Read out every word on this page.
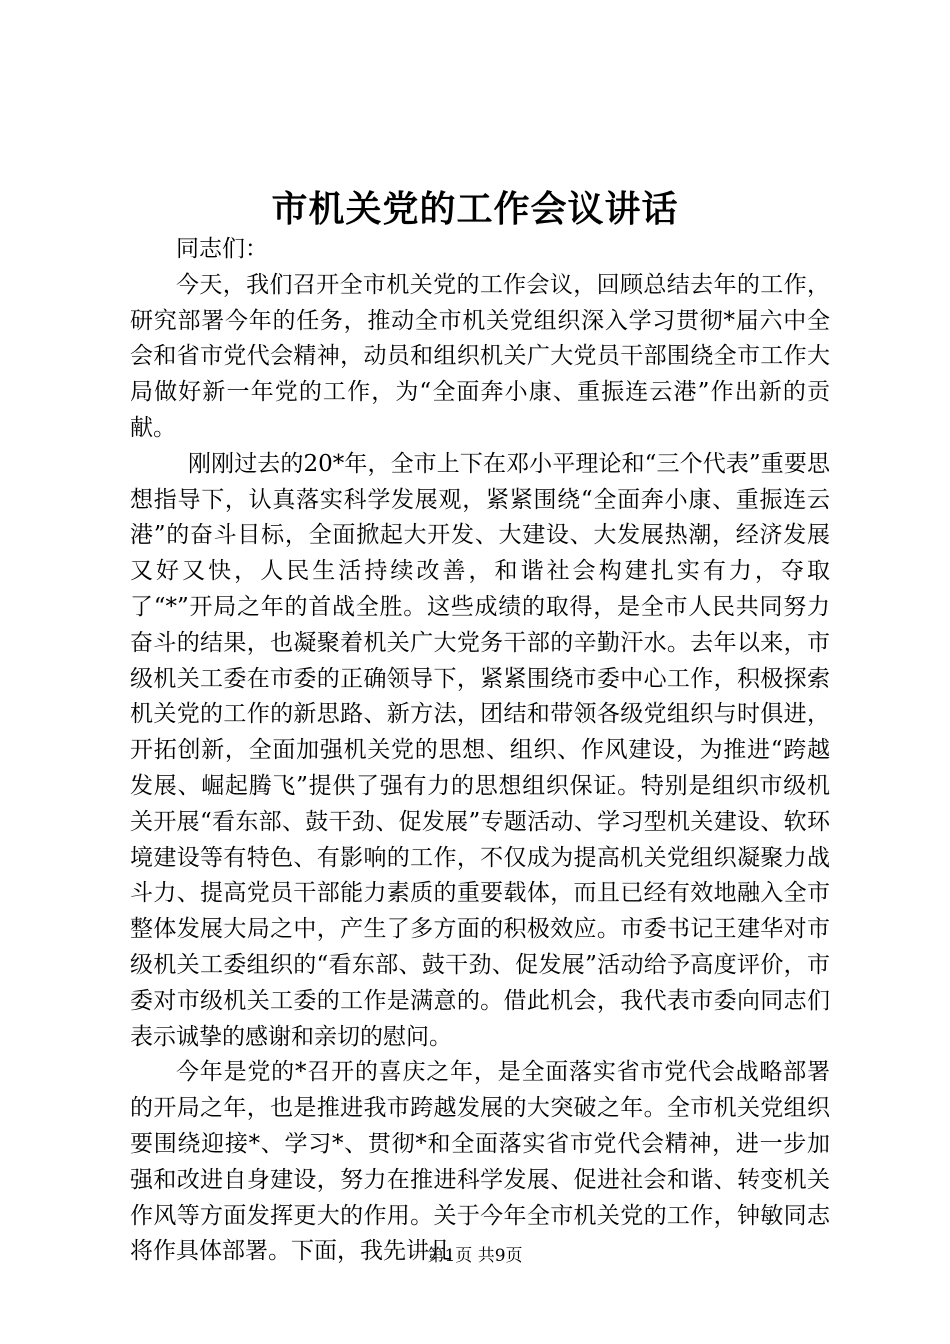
市机关党的工作会议讲话

同志们：

今天，我们召开全市机关党的工作会议，回顾总结去年的工作，研究部署今年的任务，推动全市机关党组织深入学习贯彻*届六中全会和省市党代会精神，动员和组织机关广大党员干部围绕全市工作大局做好新一年党的工作，为“全面奔小康、重振连云港”作出新的贡献。

刚刚过去的20*年，全市上下在邓小平理论和“三个代表”重要思想指导下，认真落实科学发展观，紧紧围绕“全面奔小康、重振连云港”的奋斗目标，全面掀起大开发、大建设、大发展热潮，经济发展又好又快，人民生活持续改善，和谐社会构建扎实有力，夺取了“*”开局之年的首战全胜。这些成绩的取得，是全市人民共同努力奋斗的结果，也凝聚着机关广大党务干部的辛勤汗水。去年以来，市级机关工委在市委的正确领导下，紧紧围绕市委中心工作，积极探索机关党的工作的新思路、新方法，团结和带领各级党组织与时俱进，开拓创新，全面加强机关党的思想、组织、作风建设，为推进“跨越发展、崛起腾飞”提供了强有力的思想组织保证。特别是组织市级机关开展“看东部、鼓干劲、促发展”专题活动、学习型机关建设、软环境建设等有特色、有影响的工作，不仅成为提高机关党组织凝聚力战斗力、提高党员干部能力素质的重要载体，而且已经有效地融入全市整体发展大局之中，产生了多方面的积极效应。市委书记王建华对市级机关工委组织的“看东部、鼓干劲、促发展”活动给予高度评价，市委对市级机关工委的工作是满意的。借此机会，我代表市委向同志们表示诚挚的感谢和亲切的慰问。

今年是党的*召开的喜庆之年，是全面落实省市党代会战略部署的开局之年，也是推进我市跨越发展的大突破之年。全市机关党组织要围绕迎接*、学习*、贯彻*和全面落实省市党代会精神，进一步加强和改进自身建设，努力在推进科学发展、促进社会和谐、转变机关作风等方面发挥更大的作用。关于今年全市机关党的工作，钟敏同志将作具体部署。下面，我先讲几

第1页 共9页
